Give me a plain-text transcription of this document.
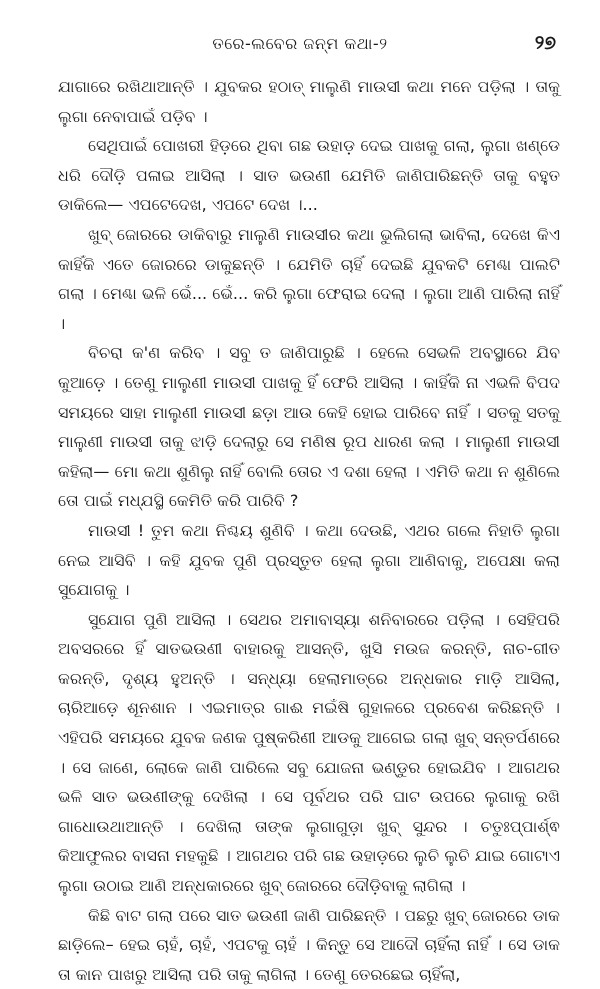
ତରେ-ଲବେର ଜନ୍ମ କଥା-୨	୨୭

ଯାଗାରେ ରଖିଥାଆନ୍ତି । ଯୁବକର ହଠାତ୍ ମାଲୁଣି ମାଉସୀ କଥା ମନେ ପଡ଼ିଲା । ତାକୁ ଲୁଗା ନେବାପାଇଁ ପଡ଼ିବ ।

ସେଥିପାଇଁ ପୋଖରୀ ହିଡ଼ରେ ଥିବା ଗଛ ଉହାଡ଼ ଦେଇ ପାଖକୁ ଗଲା, ଲୁଗା ଖଣ୍ଡେ ଧରି ଦୌଡ଼ି ପଳାଇ ଆସିଲା । ସାତ ଭଉଣୀ ଯେମିତି ଜାଣିପାରିଛନ୍ତି ତାକୁ ବହୁତ ଡାକିଲେ— ଏପଟେଦେଖ, ଏପଟେ ଦେଖ ।...

ଖୁବ୍ ଜୋରରେ ଡାକିବାରୁ ମାଲୁଣି ମାଉସୀର କଥା ଭୁଲିଗଲା ଭାବିଲା, ଦେଖେ କିଏ କାହିଁକି ଏତେ ଜୋରରେ ଡାକୁଛନ୍ତି । ଯେମିତି ଚାହିଁ ଦେଇଛି ଯୁବକଟି ମେଣ୍ଢା ପାଲଟି ଗଲା । ମେଣ୍ଢା ଭଳି ଭେଁ... ଭେଁ... କରି ଲୁଗା ଫେରାଇ ଦେଲା । ଲୁଗା ଆଣି ପାରିଲା ନାହିଁ ।

ବିଚରା କ'ଣ କରିବ । ସବୁ ତ ଜାଣିପାରୁଛି । ହେଲେ ସେଭଳି ଅବସ୍ଥାରେ ଯିବ କୁଆଡ଼େ । ତେଣୁ ମାଲୁଣୀ ମାଉସୀ ପାଖକୁ ହିଁ ଫେରି ଆସିଲା । କାହିଁକି ନା ଏଭଳି ବିପଦ ସମୟରେ ସାହା ମାଲୁଣୀ ମାଉସୀ ଛଡ଼ା ଆଉ କେହି ହୋଇ ପାରିବେ ନାହିଁ । ସତକୁ ସତକୁ ମାଲୁଣୀ ମାଉସୀ ତାକୁ ଝାଡ଼ି ଦେଲାରୁ ସେ ମଣିଷ ରୂପ ଧାରଣ କଲା । ମାଲୁଣୀ ମାଉସୀ କହିଲା— ମୋ କଥା ଶୁଣିଲୁ ନାହିଁ ବୋଲି ତୋର ଏ ଦଶା ହେଲା । ଏମିତି କଥା ନ ଶୁଣିଲେ ତୋ ପାଇଁ ମଧ୍ଯସ୍ଥି କେମିତି କରି ପାରିବି ?

ମାଉସୀ ! ତୁମ କଥା ନିଶ୍ଚୟ ଶୁଣିବି । କଥା ଦେଉଛି, ଏଥର ଗଲେ ନିହାତି ଲୁଗା ନେଇ ଆସିବି । କହି ଯୁବକ ପୁଣି ପ୍ରସ୍ତୁତ ହେଲା ଲୁଗା ଆଣିବାକୁ, ଅପେକ୍ଷା କଲା ସୁଯୋଗକୁ ।

ସୁଯୋଗ ପୁଣି ଆସିଲା । ସେଥର ଅମାବାସ୍ୟା ଶନିବାରରେ ପଡ଼ିଲା । ସେହିପରି ଅବସରରେ ହିଁ ସାତଭଉଣୀ ବାହାରକୁ ଆସନ୍ତି, ଖୁସି ମଉଜ କରନ୍ତି, ନାଚ-ଗୀତ କରନ୍ତି, ଦୃଶ୍ୟ ହୁଅନ୍ତି । ସନ୍ଧ୍ୟା ହେଲାମାତ୍ରେ ଅନ୍ଧକାର ମାଡ଼ି ଆସିଲା, ଚାରିଆଡ଼େ ଶୂନଶାନ । ଏଇମାତ୍ର ଗାଈ ମଇଁଷି ଗୁହାଳରେ ପ୍ରବେଶ କରିଛନ୍ତି । ଏହିପରି ସମୟରେ ଯୁବକ ଜଣକ ପୁଷ୍କରିଣୀ ଆଡକୁ ଆଗେଇ ଗଲା ଖୁବ୍ ସନ୍ତର୍ପଣରେ । ସେ ଜାଣେ, ଲୋକେ ଜାଣି ପାରିଲେ ସବୁ ଯୋଜନା ଭଣ୍ଡୁର ହୋଇଯିବ । ଆଗଥର ଭଳି ସାତ ଭଉଣୀଙ୍କୁ ଦେଖିଲା । ସେ ପୂର୍ବଥର ପରି ଘାଟ ଉପରେ ଲୁଗାକୁ ରଖି ଗାଧୋଉଥାଆନ୍ତି । ଦେଖିଲା ତାଙ୍କ ଲୁଗାଗୁଡ଼ା ଖୁବ୍ ସୁନ୍ଦର । ଚତୁଃପ୍ପାର୍ଶ୍ଵ କିଆଫୁଲର ବାସନା ମହକୁଛି । ଆଗଥର ପରି ଗଛ ଉହାଡ଼ରେ ଲୁଚି ଲୁଚି ଯାଇ ଗୋଟାଏ ଲୁଗା ଉଠାଇ ଆଣି ଅନ୍ଧକାରରେ ଖୁବ୍ ଜୋରରେ ଦୌଡ଼ିବାକୁ ଲାଗିଲା ।

କିଛି ବାଟ ଗଲା ପରେ ସାତ ଭଉଣୀ ଜାଣି ପାରିଛନ୍ତି । ପଛରୁ ଖୁବ୍ ଜୋରରେ ଡାକ ଛାଡ଼ିଲେ– ହେଇ ଚାହଁ, ଚାହଁ, ଏପଟକୁ ଚାହଁ । କିନ୍ତୁ ସେ ଆଦୌ ଚାହିଁଲା ନାହିଁ । ସେ ଡାକ ତା କାନ ପାଖରୁ ଆସିଲା ପରି ତାକୁ ଲାଗିଲା । ତେଣୁ ତେରଛେଇ ଚାହିଁଲା,
